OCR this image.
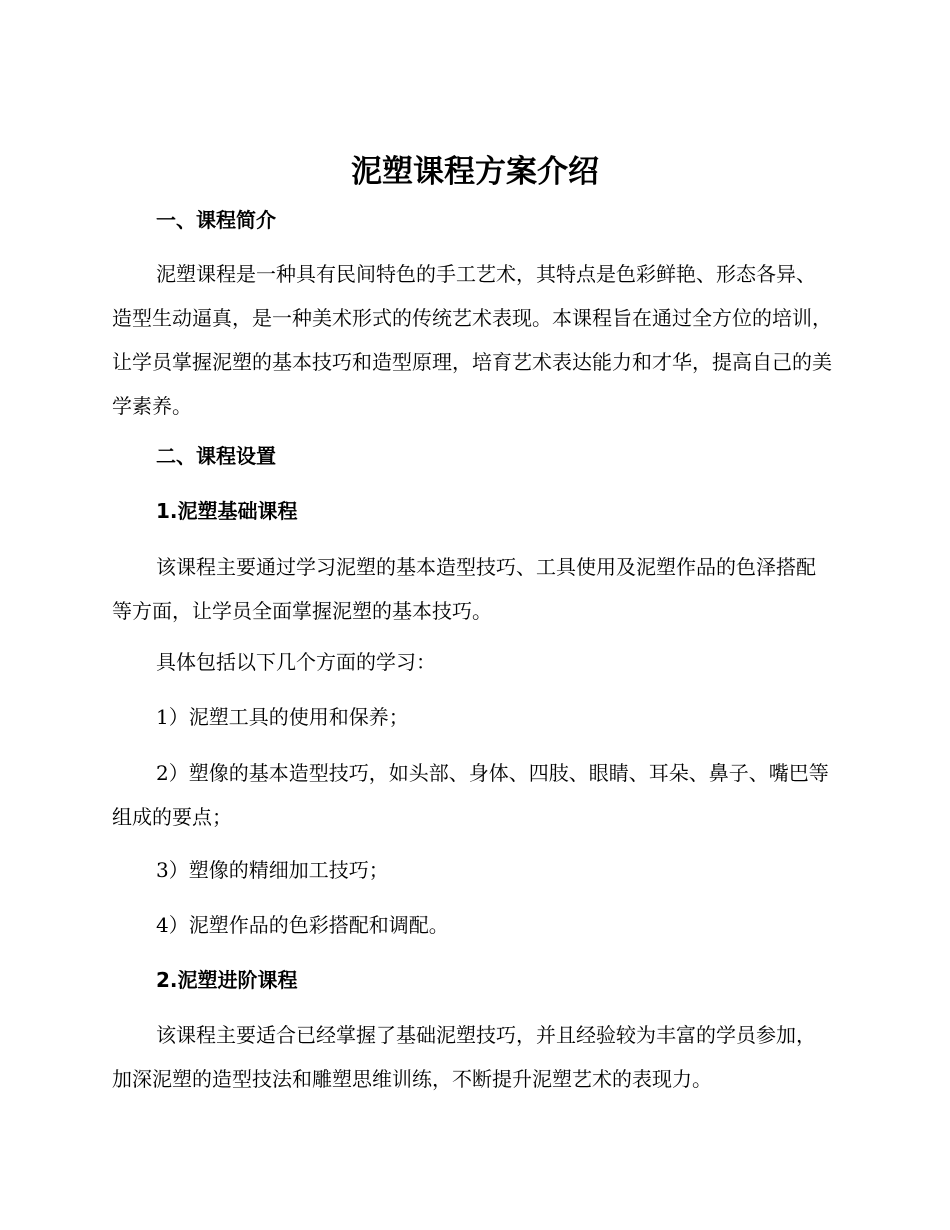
泥塑课程方案介绍
一、课程简介

泥塑课程是一种具有民间特色的手工艺术，其特点是色彩鲜艳、形态各异、造型生动逼真，是一种美术形式的传统艺术表现。本课程旨在通过全方位的培训，让学员掌握泥塑的基本技巧和造型原理，培育艺术表达能力和才华，提高自己的美学素养。

二、课程设置
1.泥塑基础课程

该课程主要通过学习泥塑的基本造型技巧、工具使用及泥塑作品的色泽搭配等方面，让学员全面掌握泥塑的基本技巧。

具体包括以下几个方面的学习：

1）泥塑工具的使用和保养；

2）塑像的基本造型技巧，如头部、身体、四肢、眼睛、耳朵、鼻子、嘴巴等组成的要点；

3）塑像的精细加工技巧；

4）泥塑作品的色彩搭配和调配。

2.泥塑进阶课程

该课程主要适合已经掌握了基础泥塑技巧，并且经验较为丰富的学员参加，加深泥塑的造型技法和雕塑思维训练，不断提升泥塑艺术的表现力。
